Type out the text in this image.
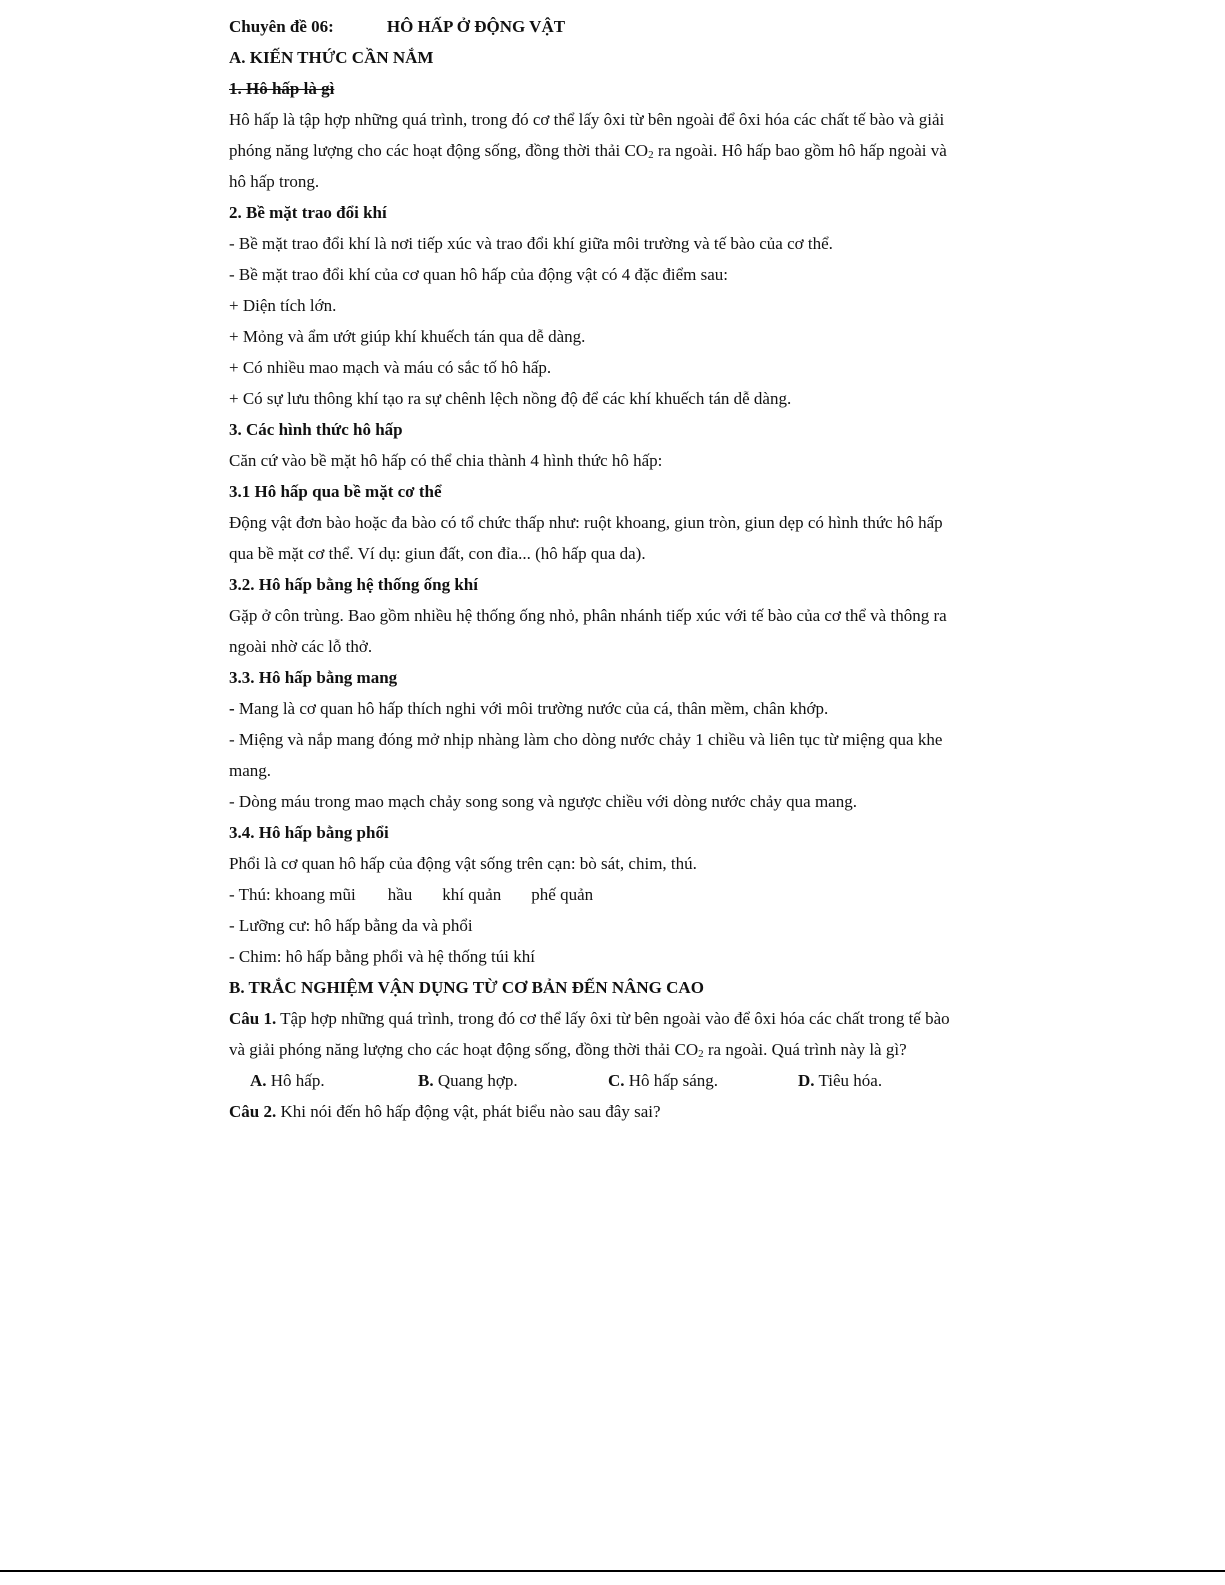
Chuyên đề 06:	HÔ HẤP Ở ĐỘNG VẬT
A. KIẾN THỨC CẦN NẮM
1. Hô hấp là gì
Hô hấp là tập hợp những quá trình, trong đó cơ thể lấy ôxi từ bên ngoài để ôxi hóa các chất tế bào và giải
phóng năng lượng cho các hoạt động sống, đồng thời thải $CO_2$ ra ngoài. Hô hấp bao gồm hô hấp ngoài và
hô hấp trong.
2. Bề mặt trao đổi khí
- Bề mặt trao đổi khí là nơi tiếp xúc và trao đổi khí giữa môi trường và tế bào của cơ thể.
- Bề mặt trao đổi khí của cơ quan hô hấp của động vật có 4 đặc điểm sau:
+ Diện tích lớn.
+ Mỏng và ẩm ướt giúp khí khuếch tán qua dễ dàng.
+ Có nhiều mao mạch và máu có sắc tố hô hấp.
+ Có sự lưu thông khí tạo ra sự chênh lệch nồng độ để các khí khuếch tán dễ dàng.
3. Các hình thức hô hấp
Căn cứ vào bề mặt hô hấp có thể chia thành 4 hình thức hô hấp:
3.1 Hô hấp qua bề mặt cơ thể
Động vật đơn bào hoặc đa bào có tổ chức thấp như: ruột khoang, giun tròn, giun dẹp có hình thức hô hấp
qua bề mặt cơ thể. Ví dụ: giun đất, con đỉa... (hô hấp qua da).
3.2. Hô hấp bằng hệ thống ống khí
Gặp ở côn trùng. Bao gồm nhiều hệ thống ống nhỏ, phân nhánh tiếp xúc với tế bào của cơ thể và thông ra
ngoài nhờ các lỗ thở.
3.3. Hô hấp bằng mang
- Mang là cơ quan hô hấp thích nghi với môi trường nước của cá, thân mềm, chân khớp.
- Miệng và nắp mang đóng mở nhịp nhàng làm cho dòng nước chảy 1 chiều và liên tục từ miệng qua khe
mang.
- Dòng máu trong mao mạch chảy song song và ngược chiều với dòng nước chảy qua mang.
3.4. Hô hấp bằng phổi
Phổi là cơ quan hô hấp của động vật sống trên cạn: bò sát, chim, thú.
- Thú: khoang mũi hầu khí quản phế quản
- Lưỡng cư: hô hấp bằng da và phổi
- Chim: hô hấp bằng phổi và hệ thống túi khí
B. TRẮC NGHIỆM VẬN DỤNG TỪ CƠ BẢN ĐẾN NÂNG CAO
Câu 1. Tập hợp những quá trình, trong đó cơ thể lấy ôxi từ bên ngoài vào để ôxi hóa các chất trong tế bào
và giải phóng năng lượng cho các hoạt động sống, đồng thời thải $CO_2$ ra ngoài. Quá trình này là gì?
A. Hô hấp.	B. Quang hợp.	C. Hô hấp sáng.	D. Tiêu hóa.
Câu 2. Khi nói đến hô hấp động vật, phát biểu nào sau đây sai?
